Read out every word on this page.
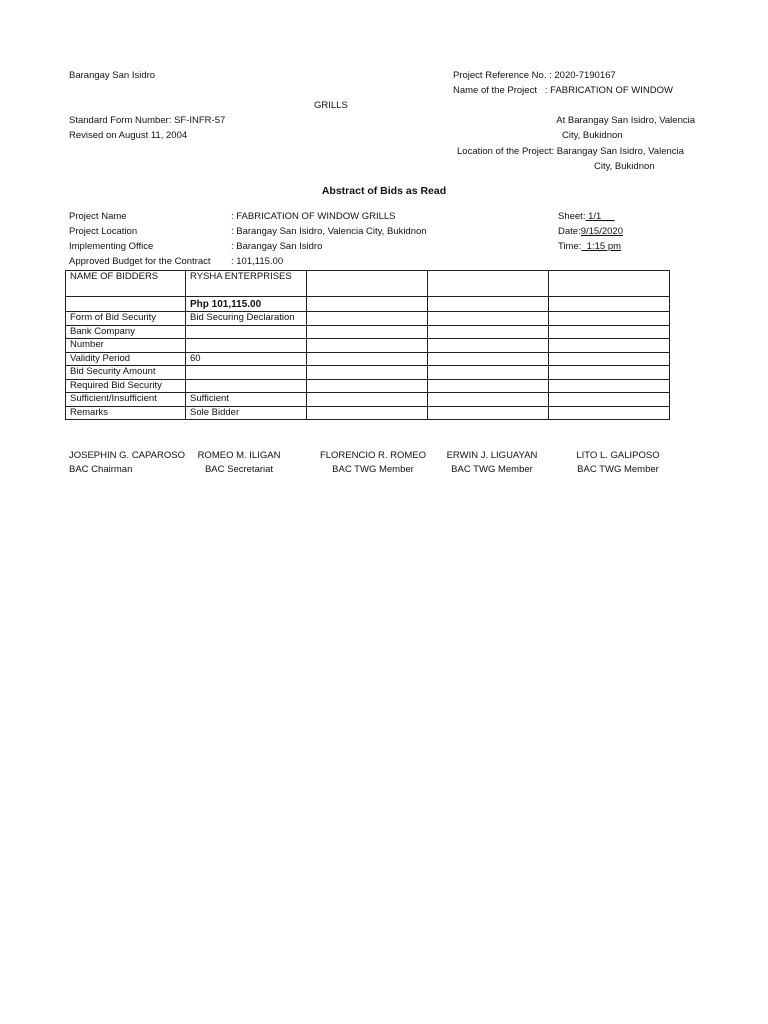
Barangay San Isidro	Project Reference No. : 2020-7190167
Name of the Project : FABRICATION OF WINDOW
GRILLS
Standard Form Number: SF-INFR-57
Revised on August 11, 2004
At Barangay San Isidro, Valencia
City, Bukidnon
Location of the Project: Barangay San Isidro, Valencia
City, Bukidnon
Abstract of Bids as Read
Project Name	: FABRICATION OF WINDOW GRILLS
Project Location	: Barangay San Isidro, Valencia City, Bukidnon
Implementing Office	: Barangay San Isidro
Approved Budget for the Contract : 101,115.00
Sheet: 1/1 __
Date:9/15/2020
Time:  1:15 pm
NAME OF BIDDERS	RYSHA ENTERPRISES			
	Php 101,115.00			
Form of Bid Security	Bid Securing Declaration			
Bank Company				
Number				
Validity Period	60			
Bid Security Amount				
Required Bid Security				
Sufficient/Insufficient	Sufficient			
Remarks	Sole Bidder			
JOSEPHIN G. CAPAROSO
BAC Chairman
ROMEO M. ILIGAN
BAC Secretariat
FLORENCIO R. ROMEO
BAC TWG Member
ERWIN J. LIGUAYAN
BAC TWG Member
LITO L. GALIPOSO
BAC TWG Member
